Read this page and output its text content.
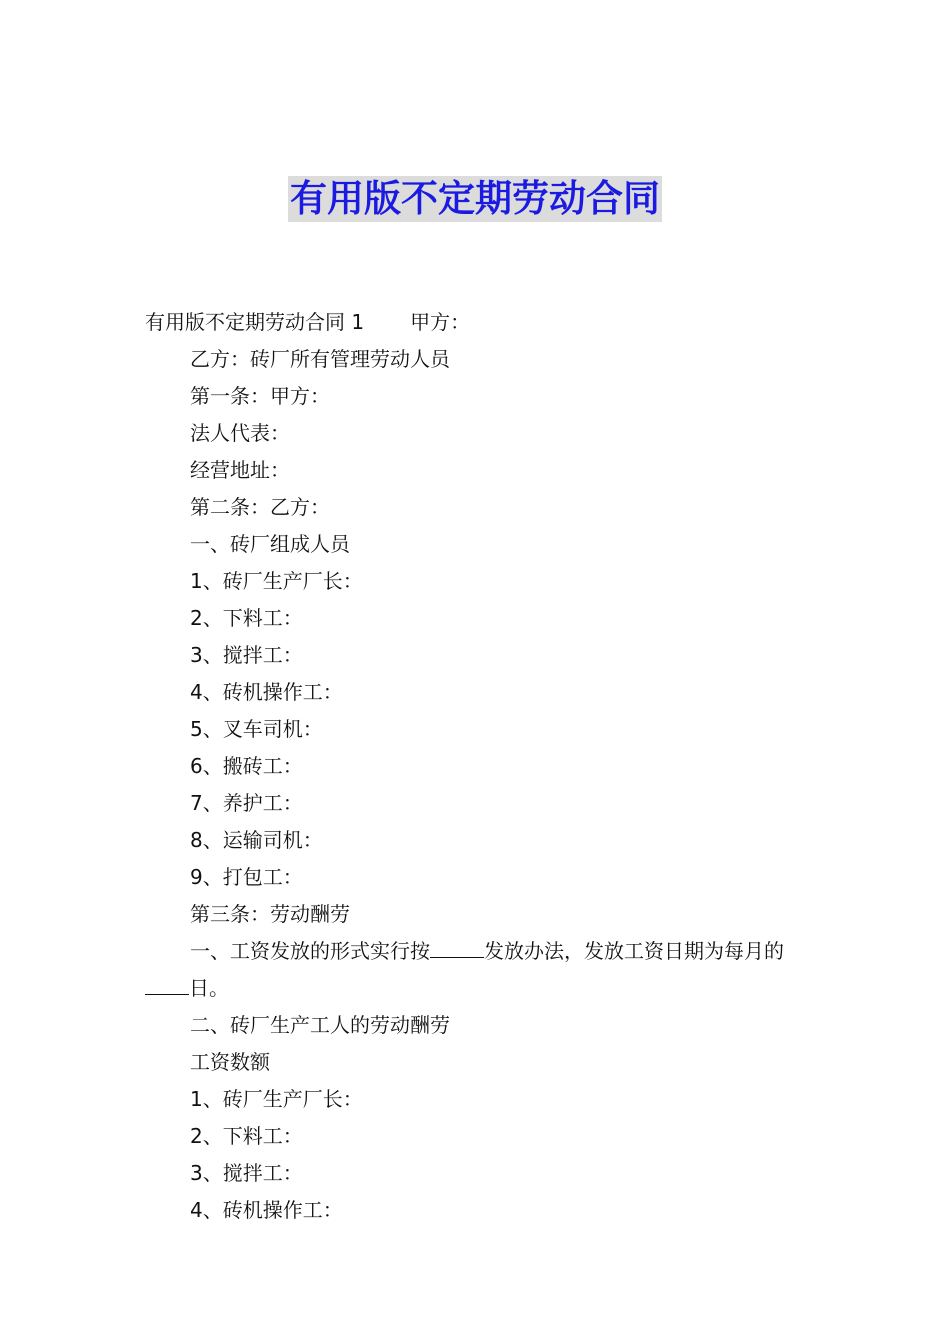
有用版不定期劳动合同
有用版不定期劳动合同 1 甲方：
乙方：砖厂所有管理劳动人员
第一条：甲方：
法人代表：
经营地址：
第二条：乙方：
一、砖厂组成人员
1、砖厂生产厂长：
2、下料工：
3、搅拌工：
4、砖机操作工：
5、叉车司机：
6、搬砖工：
7、养护工：
8、运输司机：
9、打包工：
第三条：劳动酬劳
一、工资发放的形式实行按	发放办法，发放工资日期为每月的日。
二、砖厂生产工人的劳动酬劳
工资数额
1、砖厂生产厂长：
2、下料工：
3、搅拌工：
4、砖机操作工：
